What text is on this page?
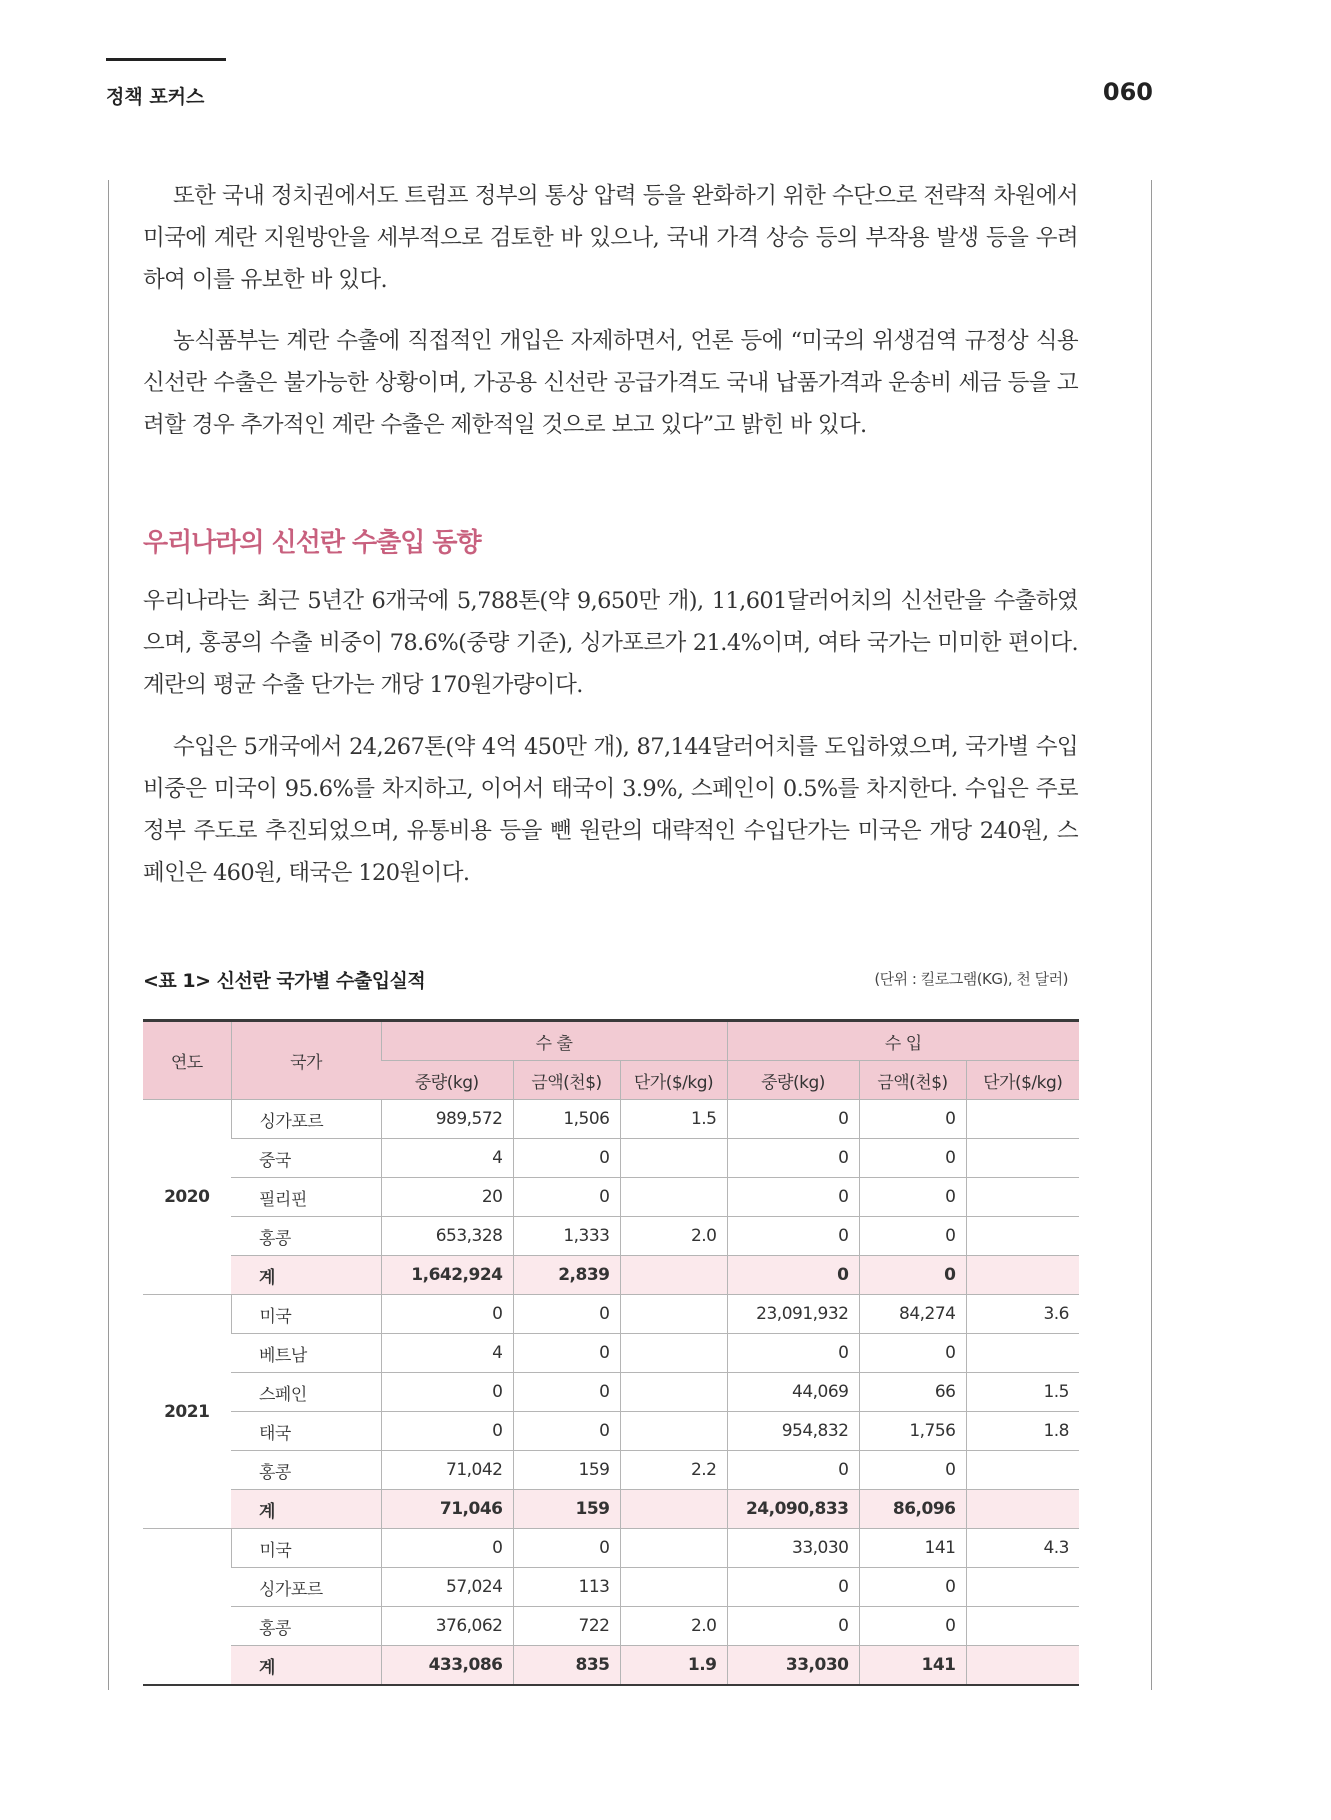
정책 포커스	060

또한 국내 정치권에서도 트럼프 정부의 통상 압력 등을 완화하기 위한 수단으로 전략적 차원에서 미국에 계란 지원방안을 세부적으로 검토한 바 있으나, 국내 가격 상승 등의 부작용 발생 등을 우려하여 이를 유보한 바 있다.

농식품부는 계란 수출에 직접적인 개입은 자제하면서, 언론 등에 “미국의 위생검역 규정상 식용 신선란 수출은 불가능한 상황이며, 가공용 신선란 공급가격도 국내 납품가격과 운송비 세금 등을 고려할 경우 추가적인 계란 수출은 제한적일 것으로 보고 있다”고 밝힌 바 있다.

우리나라의 신선란 수출입 동향

우리나라는 최근 5년간 6개국에 5,788톤(약 9,650만 개), 11,601달러어치의 신선란을 수출하였으며, 홍콩의 수출 비중이 78.6%(중량 기준), 싱가포르가 21.4%이며, 여타 국가는 미미한 편이다. 계란의 평균 수출 단가는 개당 170원가량이다.

수입은 5개국에서 24,267톤(약 4억 450만 개), 87,144달러어치를 도입하였으며, 국가별 수입 비중은 미국이 95.6%를 차지하고, 이어서 태국이 3.9%, 스페인이 0.5%를 차지한다. 수입은 주로 정부 주도로 추진되었으며, 유통비용 등을 뺀 원란의 대략적인 수입단가는 미국은 개당 240원, 스페인은 460원, 태국은 120원이다.

<표 1> 신선란 국가별 수출입실적	(단위 : 킬로그램(KG), 천 달러)
연도	국가	수 출			수 입		
		중량(kg)	금액(천$)	단가($/kg)	중량(kg)	금액(천$)	단가($/kg)
2020	싱가포르	989,572	1,506	1.5	0	0	
	중국	4	0		0	0	
	필리핀	20	0		0	0	
	홍콩	653,328	1,333	2.0	0	0	
	계	1,642,924	2,839		0	0	
2021	미국	0	0		23,091,932	84,274	3.6
	베트남	4	0		0	0	
	스페인	0	0		44,069	66	1.5
	태국	0	0		954,832	1,756	1.8
	홍콩	71,042	159	2.2	0	0	
	계	71,046	159		24,090,833	86,096	
	미국	0	0		33,030	141	4.3
	싱가포르	57,024	113		0	0	
	홍콩	376,062	722	2.0	0	0	
	계	433,086	835	1.9	33,030	141	
